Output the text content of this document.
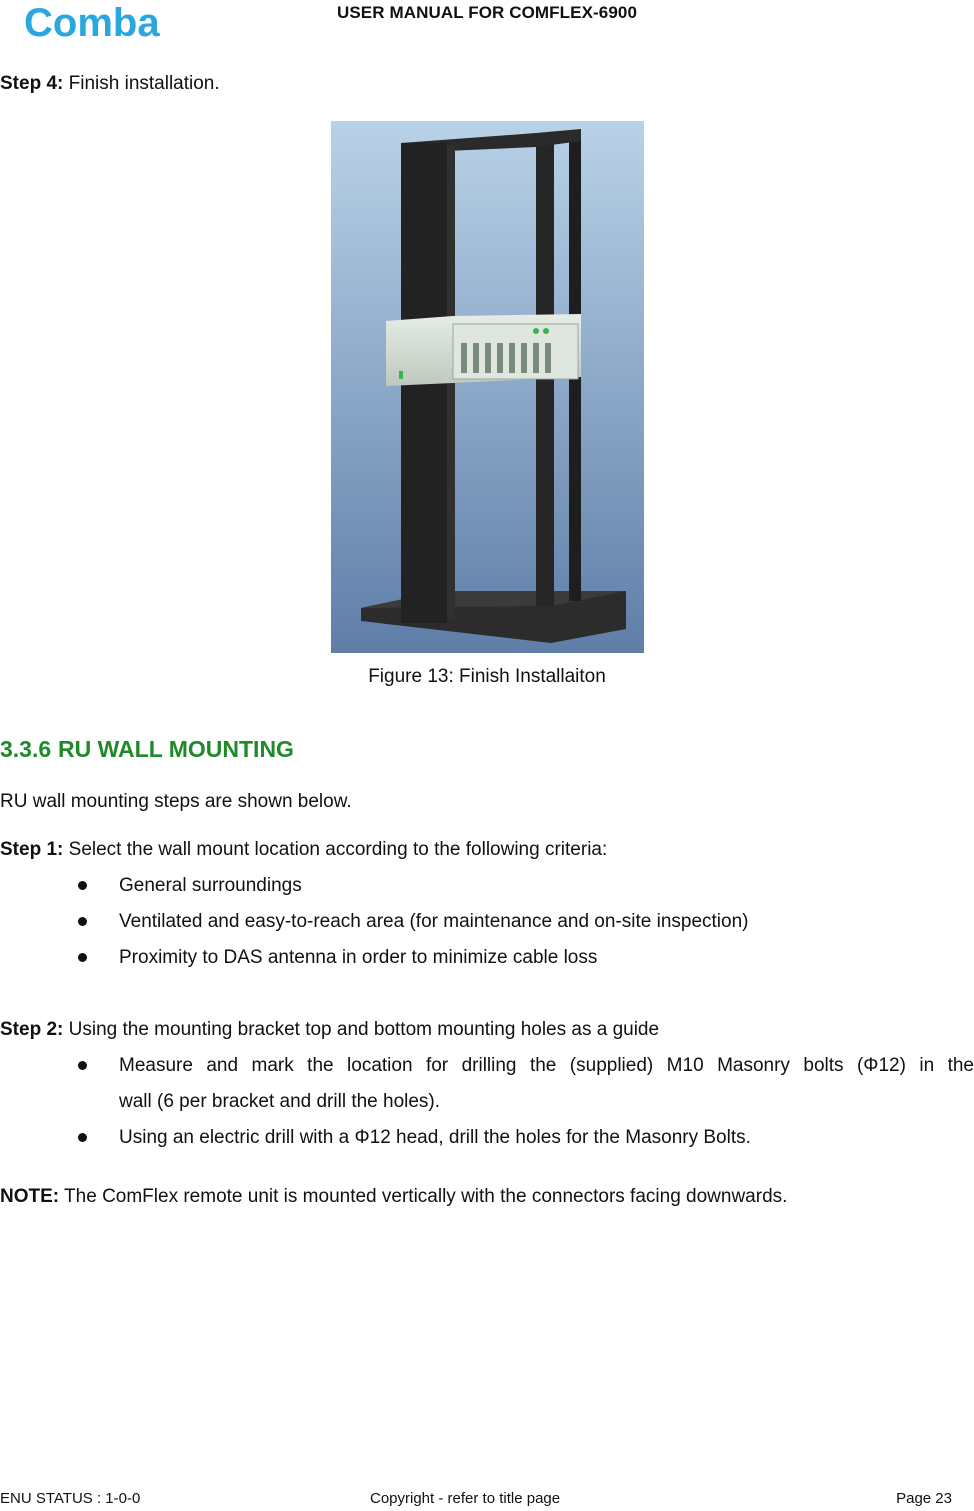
Comba	USER MANUAL FOR COMFLEX-6900
Step 4: Finish installation.
Figure 13: Finish Installaiton
3.3.6 RU WALL MOUNTING
RU wall mounting steps are shown below.
Step 1: Select the wall mount location according to the following criteria:
General surroundings
Ventilated and easy-to-reach area (for maintenance and on-site inspection)
Proximity to DAS antenna in order to minimize cable loss
Step 2: Using the mounting bracket top and bottom mounting holes as a guide
Measure and mark the location for drilling the (supplied) M10 Masonry bolts (Φ12) in the
wall (6 per bracket and drill the holes).
Using an electric drill with a Φ12 head, drill the holes for the Masonry Bolts.
NOTE: The ComFlex remote unit is mounted vertically with the connectors facing downwards.
ENU STATUS : 1-0-0	Copyright - refer to title page	Page 23
